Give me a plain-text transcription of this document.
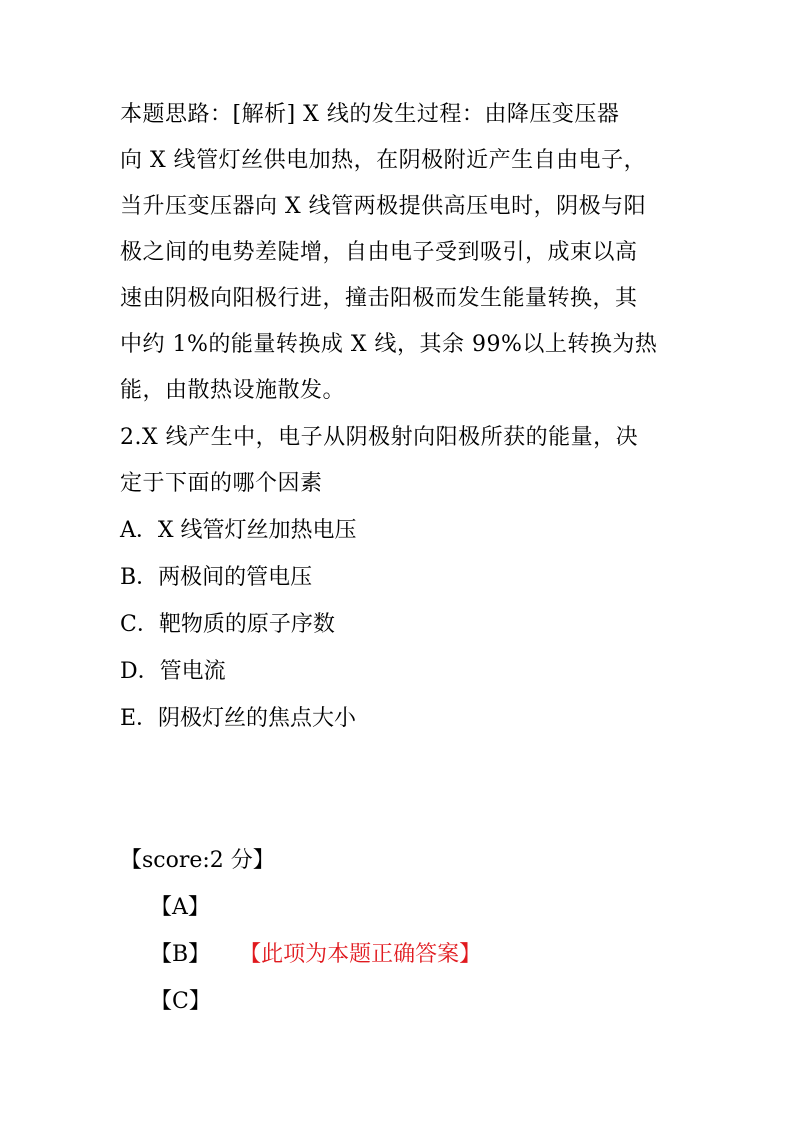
本题思路：[解析] X 线的发生过程：由降压变压器
向 X 线管灯丝供电加热，在阴极附近产生自由电子，
当升压变压器向 X 线管两极提供高压电时，阴极与阳
极之间的电势差陡增，自由电子受到吸引，成束以高
速由阴极向阳极行进，撞击阳极而发生能量转换，其
中约 1%的能量转换成 X 线，其余 99%以上转换为热
能，由散热设施散发。
2.X 线产生中，电子从阴极射向阳极所获的能量，决
定于下面的哪个因素
A．X 线管灯丝加热电压
B．两极间的管电压
C．靶物质的原子序数
D．管电流
E．阴极灯丝的焦点大小
【score:2 分】
【A】
【B】 【此项为本题正确答案】
【C】
